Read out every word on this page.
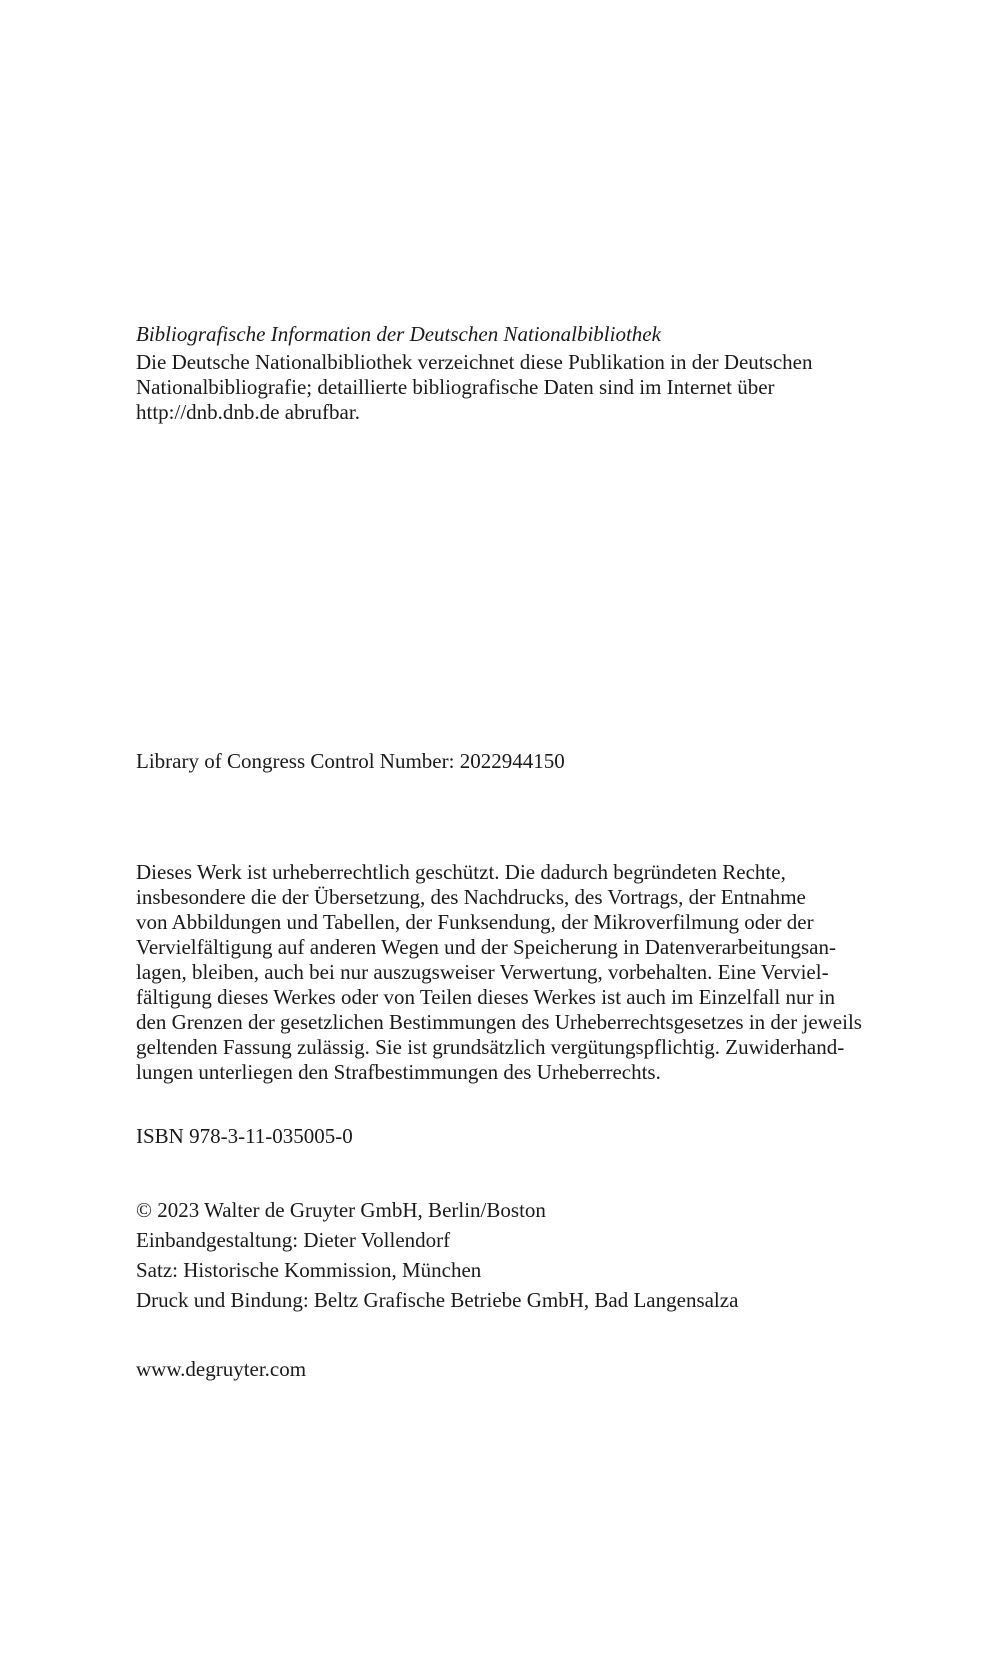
Bibliografische Information der Deutschen Nationalbibliothek
Die Deutsche Nationalbibliothek verzeichnet diese Publikation in der Deutschen
Nationalbibliografie; detaillierte bibliografische Daten sind im Internet über
http://dnb.dnb.de abrufbar.
Library of Congress Control Number: 2022944150
Dieses Werk ist urheberrechtlich geschützt. Die dadurch begründeten Rechte,
insbesondere die der Übersetzung, des Nachdrucks, des Vortrags, der Entnahme
von Abbildungen und Tabellen, der Funksendung, der Mikroverfilmung oder der
Vervielfältigung auf anderen Wegen und der Speicherung in Datenverarbeitungsan-
lagen, bleiben, auch bei nur auszugsweiser Verwertung, vorbehalten. Eine Verviel-
fältigung dieses Werkes oder von Teilen dieses Werkes ist auch im Einzelfall nur in
den Grenzen der gesetzlichen Bestimmungen des Urheberrechtsgesetzes in der jeweils
geltenden Fassung zulässig. Sie ist grundsätzlich vergütungspflichtig. Zuwiderhand-
lungen unterliegen den Strafbestimmungen des Urheberrechts.
ISBN 978-3-11-035005-0
© 2023 Walter de Gruyter GmbH, Berlin/Boston
Einbandgestaltung: Dieter Vollendorf
Satz: Historische Kommission, München
Druck und Bindung: Beltz Grafische Betriebe GmbH, Bad Langensalza
www.degruyter.com
